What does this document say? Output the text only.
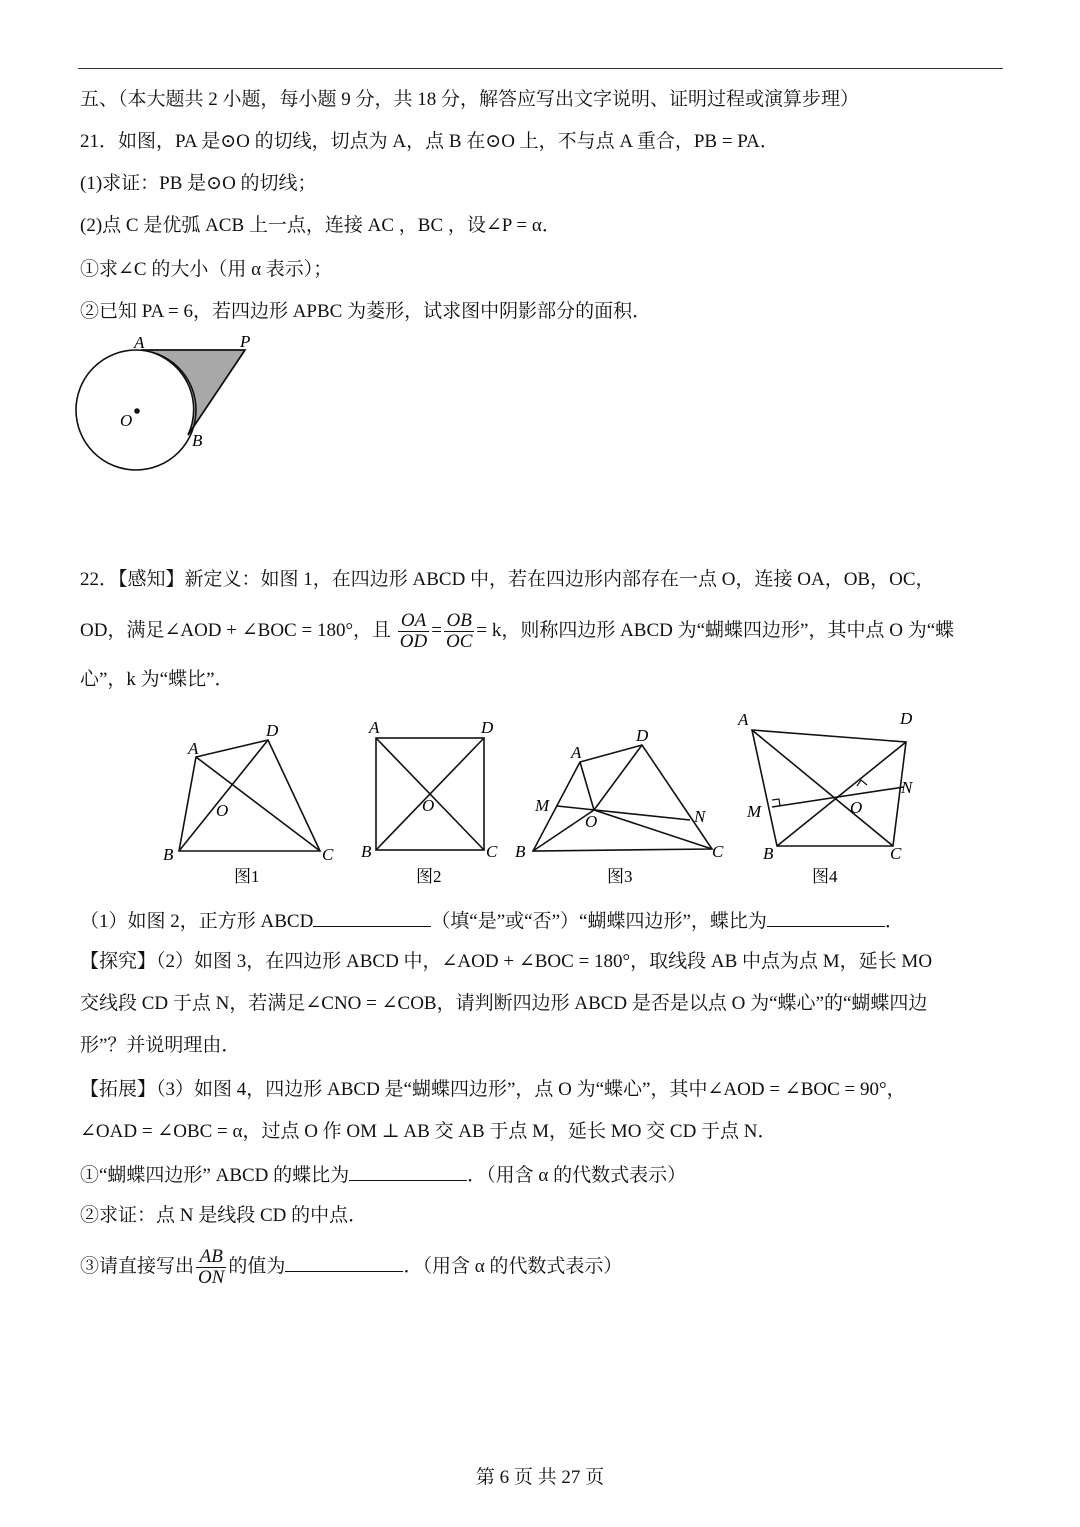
五、（本大题共 2 小题，每小题 9 分，共 18 分，解答应写出文字说明、证明过程或演算步理）
21．如图，PA 是⊙O 的切线，切点为 A，点 B 在⊙O 上，不与点 A 重合，PB = PA．
(1)求证：PB 是⊙O 的切线；
(2)点 C 是优弧 ACB 上一点，连接 AC ，BC ，设∠P = α．
①求∠C 的大小（用 α 表示）；
②已知 PA = 6，若四边形 APBC 为菱形，试求图中阴影部分的面积．
A	P
O
B
A
D
B	C
O
A	D
B	C
O
A
D
B	C
M
O	N
A	D
B	C
M	O
N
图1	图2	图3	图4
22．【感知】新定义：如图 1，在四边形 ABCD 中，若在四边形内部存在一点 O，连接 OA，OB，OC，
OD，满足∠AOD + ∠BOC = 180°，且 $\frac{OA}{OD} = \frac{OB}{OC} = k$，则称四边形 ABCD 为“蝴蝶四边形”，其中点 O 为“蝶
心”，k 为“蝶比”．
（1）如图 2，正方形 ABCD	（填“是”或“否”）“蝴蝶四边形”，蝶比为	．
【探究】（2）如图 3，在四边形 ABCD 中，∠AOD + ∠BOC = 180°，取线段 AB 中点为点 M，延长 MO
交线段 CD 于点 N，若满足∠CNO = ∠COB，请判断四边形 ABCD 是否是以点 O 为“蝶心”的“蝴蝶四边
形”？并说明理由．
【拓展】（3）如图 4，四边形 ABCD 是“蝴蝶四边形”，点 O 为“蝶心”，其中∠AOD = ∠BOC = 90°，
∠OAD = ∠OBC = α，过点 O 作 OM ⊥ AB 交 AB 于点 M，延长 MO 交 CD 于点 N．
①“蝴蝶四边形” ABCD 的蝶比为	．（用含 α 的代数式表示）
②求证：点 N 是线段 CD 的中点．
③请直接写出 $\frac{AB}{ON}$ 的值为	．（用含 α 的代数式表示）
第 6 页 共 27 页
